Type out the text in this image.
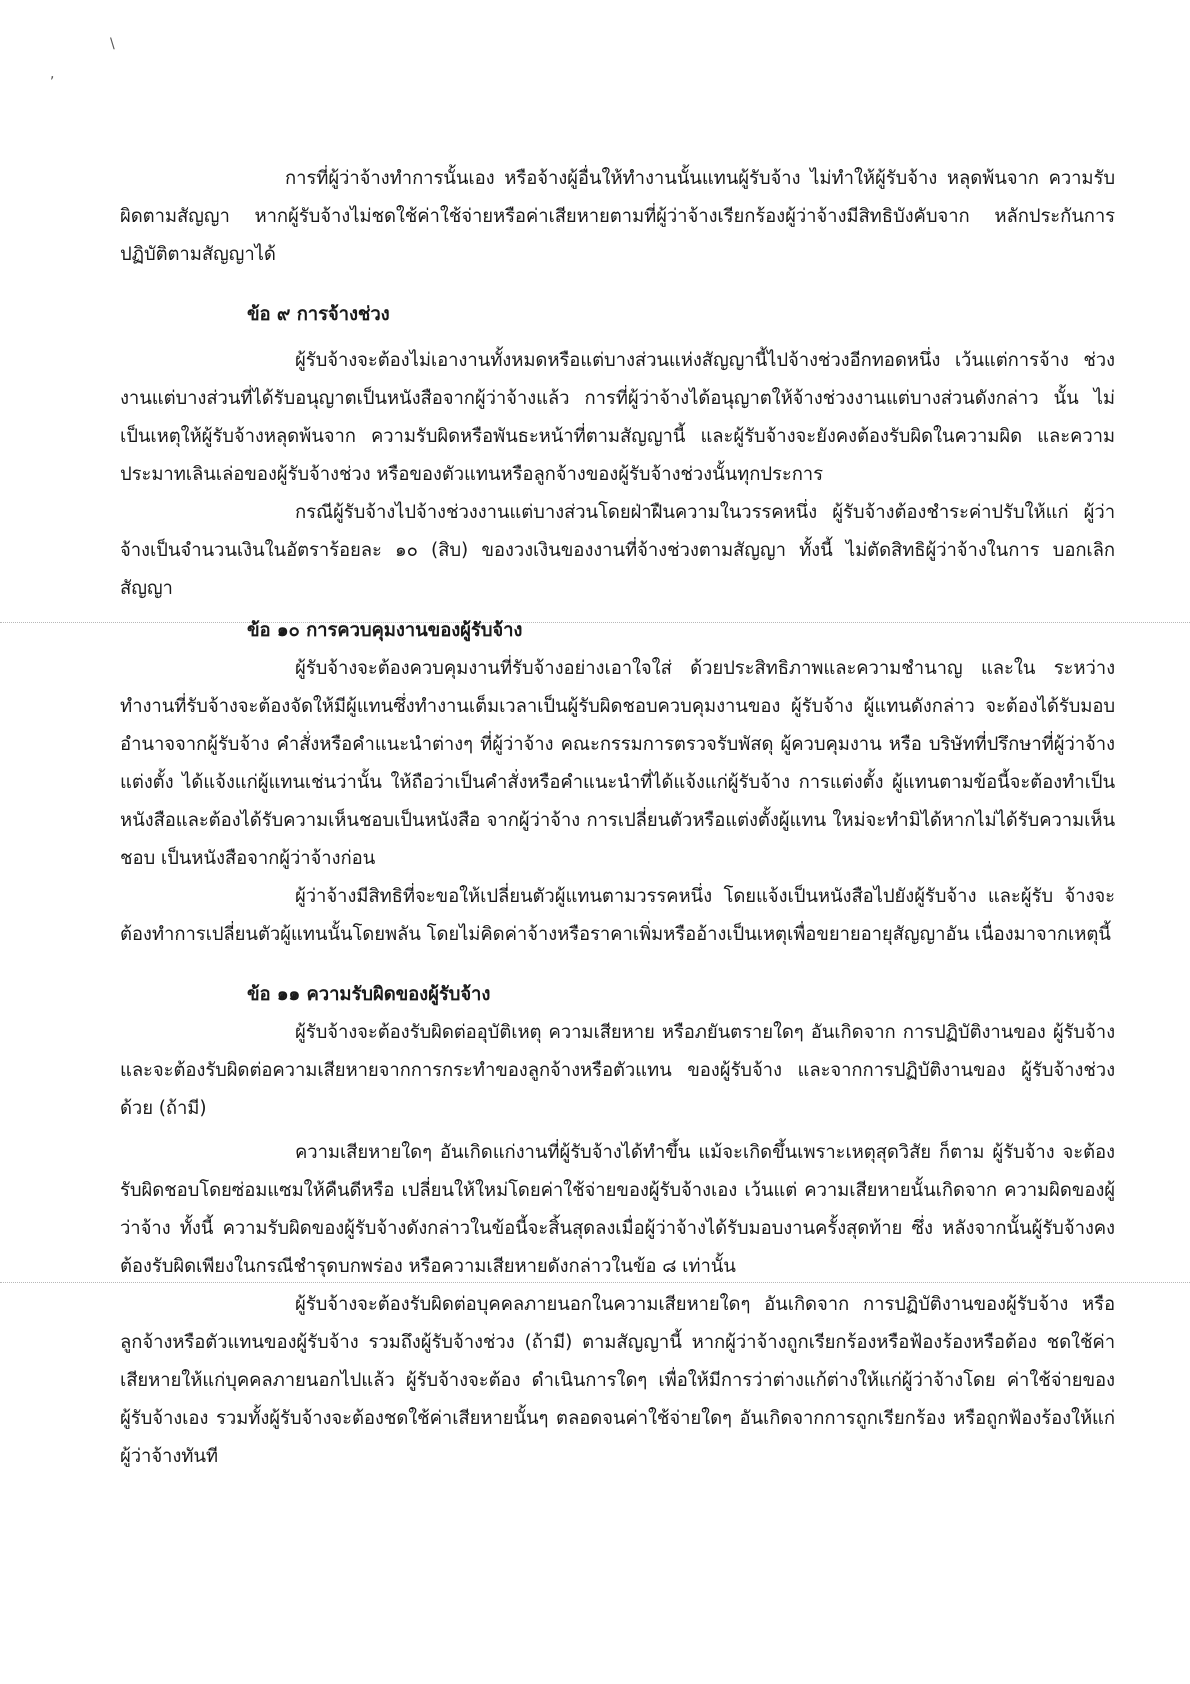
\
,

การที่ผู้ว่าจ้างทำการนั้นเอง หรือจ้างผู้อื่นให้ทำงานนั้นแทนผู้รับจ้าง ไม่ทำให้ผู้รับจ้าง หลุดพ้นจาก ความรับผิดตามสัญญา หากผู้รับจ้างไม่ชดใช้ค่าใช้จ่ายหรือค่าเสียหายตามที่ผู้ว่าจ้างเรียกร้องผู้ว่าจ้างมีสิทธิบังคับจาก หลักประกันการปฏิบัติตามสัญญาได้

ข้อ ๙ การจ้างช่วง

ผู้รับจ้างจะต้องไม่เอางานทั้งหมดหรือแต่บางส่วนแห่งสัญญานี้ไปจ้างช่วงอีกทอดหนึ่ง เว้นแต่การจ้าง ช่วงงานแต่บางส่วนที่ได้รับอนุญาตเป็นหนังสือจากผู้ว่าจ้างแล้ว การที่ผู้ว่าจ้างได้อนุญาตให้จ้างช่วงงานแต่บางส่วนดังกล่าว นั้น ไม่เป็นเหตุให้ผู้รับจ้างหลุดพ้นจาก ความรับผิดหรือพันธะหน้าที่ตามสัญญานี้ และผู้รับจ้างจะยังคงต้องรับผิดในความผิด และความประมาทเลินเล่อของผู้รับจ้างช่วง หรือของตัวแทนหรือลูกจ้างของผู้รับจ้างช่วงนั้นทุกประการ

กรณีผู้รับจ้างไปจ้างช่วงงานแต่บางส่วนโดยฝ่าฝืนความในวรรคหนึ่ง ผู้รับจ้างต้องชำระค่าปรับให้แก่ ผู้ว่าจ้างเป็นจำนวนเงินในอัตราร้อยละ ๑๐ (สิบ) ของวงเงินของงานที่จ้างช่วงตามสัญญา ทั้งนี้ ไม่ตัดสิทธิผู้ว่าจ้างในการ บอกเลิกสัญญา

ข้อ ๑๐ การควบคุมงานของผู้รับจ้าง

ผู้รับจ้างจะต้องควบคุมงานที่รับจ้างอย่างเอาใจใส่ ด้วยประสิทธิภาพและความชำนาญ และใน ระหว่างทำงานที่รับจ้างจะต้องจัดให้มีผู้แทนซึ่งทำงานเต็มเวลาเป็นผู้รับผิดชอบควบคุมงานของ ผู้รับจ้าง ผู้แทนดังกล่าว จะต้องได้รับมอบอำนาจจากผู้รับจ้าง คำสั่งหรือคำแนะนำต่างๆ ที่ผู้ว่าจ้าง คณะกรรมการตรวจรับพัสดุ ผู้ควบคุมงาน หรือ บริษัทที่ปรึกษาที่ผู้ว่าจ้างแต่งตั้ง ได้แจ้งแก่ผู้แทนเช่นว่านั้น ให้ถือว่าเป็นคำสั่งหรือคำแนะนำที่ได้แจ้งแก่ผู้รับจ้าง การแต่งตั้ง ผู้แทนตามข้อนี้จะต้องทำเป็นหนังสือและต้องได้รับความเห็นชอบเป็นหนังสือ จากผู้ว่าจ้าง การเปลี่ยนตัวหรือแต่งตั้งผู้แทน ใหม่จะทำมิได้หากไม่ได้รับความเห็นชอบ เป็นหนังสือจากผู้ว่าจ้างก่อน

ผู้ว่าจ้างมีสิทธิที่จะขอให้เปลี่ยนตัวผู้แทนตามวรรคหนึ่ง โดยแจ้งเป็นหนังสือไปยังผู้รับจ้าง และผู้รับ จ้างจะต้องทำการเปลี่ยนตัวผู้แทนนั้นโดยพลัน โดยไม่คิดค่าจ้างหรือราคาเพิ่มหรืออ้างเป็นเหตุเพื่อขยายอายุสัญญาอัน เนื่องมาจากเหตุนี้

ข้อ ๑๑ ความรับผิดของผู้รับจ้าง

ผู้รับจ้างจะต้องรับผิดต่ออุบัติเหตุ ความเสียหาย หรือภยันตรายใดๆ อันเกิดจาก การปฏิบัติงานของ ผู้รับจ้าง และจะต้องรับผิดต่อความเสียหายจากการกระทำของลูกจ้างหรือตัวแทน ของผู้รับจ้าง และจากการปฏิบัติงานของ ผู้รับจ้างช่วงด้วย (ถ้ามี)

ความเสียหายใดๆ อันเกิดแก่งานที่ผู้รับจ้างได้ทำขึ้น แม้จะเกิดขึ้นเพราะเหตุสุดวิสัย ก็ตาม ผู้รับจ้าง จะต้องรับผิดชอบโดยซ่อมแซมให้คืนดีหรือ เปลี่ยนให้ใหม่โดยค่าใช้จ่ายของผู้รับจ้างเอง เว้นแต่ ความเสียหายนั้นเกิดจาก ความผิดของผู้ว่าจ้าง ทั้งนี้ ความรับผิดของผู้รับจ้างดังกล่าวในข้อนี้จะสิ้นสุดลงเมื่อผู้ว่าจ้างได้รับมอบงานครั้งสุดท้าย ซึ่ง หลังจากนั้นผู้รับจ้างคงต้องรับผิดเพียงในกรณีชำรุดบกพร่อง หรือความเสียหายดังกล่าวในข้อ ๘ เท่านั้น

ผู้รับจ้างจะต้องรับผิดต่อบุคคลภายนอกในความเสียหายใดๆ อันเกิดจาก การปฏิบัติงานของผู้รับจ้าง หรือลูกจ้างหรือตัวแทนของผู้รับจ้าง รวมถึงผู้รับจ้างช่วง (ถ้ามี) ตามสัญญานี้ หากผู้ว่าจ้างถูกเรียกร้องหรือฟ้องร้องหรือต้อง ชดใช้ค่าเสียหายให้แก่บุคคลภายนอกไปแล้ว ผู้รับจ้างจะต้อง ดำเนินการใดๆ เพื่อให้มีการว่าต่างแก้ต่างให้แก่ผู้ว่าจ้างโดย ค่าใช้จ่ายของผู้รับจ้างเอง รวมทั้งผู้รับจ้างจะต้องชดใช้ค่าเสียหายนั้นๆ ตลอดจนค่าใช้จ่ายใดๆ อันเกิดจากการถูกเรียกร้อง หรือถูกฟ้องร้องให้แก่ผู้ว่าจ้างทันที
